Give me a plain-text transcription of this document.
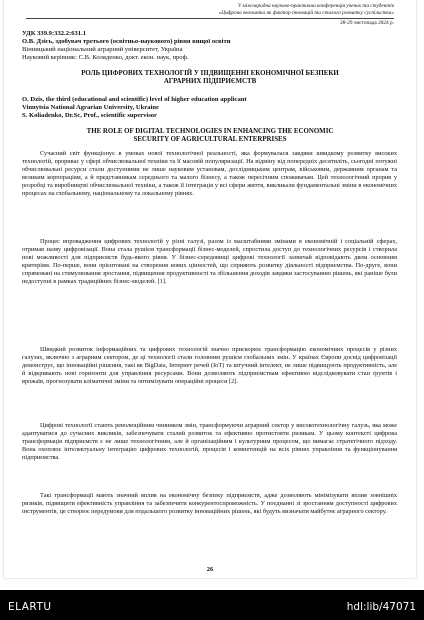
V міжнародна науково-практична конференція учених та студентів
«Цифрова економіка як фактор інновацій та сталого розвитку суспільства»
28-29 листопада 2024 р.
УДК 339.9:332.2:631.1
О.В. Дзісь, здобувач третього (освітньо-наукового) рівня вищої освіти
Вінницький національний аграрний університет, Україна
Науковий керівник: С.В. Колядeнко, докт. екон. наук, проф.
РОЛЬ ЦИФРОВИХ ТЕХНОЛОГІЙ У ПІДВИЩЕННІ ЕКОНОМІЧНОЇ БЕЗПЕКИ
АГРАРНИХ ПІДПРИЄМСТВ
O. Dzis, the third (educational and scientific) level of higher education applicant
Vinnytsia National Agrarian University, Ukraine
S. Koliadenko, Dr.Sc, Prof., scientific supervisor
THE ROLE OF DIGITAL TECHNOLOGIES IN ENHANCING THE ECONOMIC
SECURITY OF AGRICULTURAL ENTERPRISES
Сучасний світ функціонує в умовах нової технологічної реальності, яка формувалася завдяки швидкому розвитку високих технологій, прориває у сфері обчислювальної техніки та її масовій популяризації. На відміну від попередніх десятиліть, сьогодні потужні обчислювальні ресурси стали доступними не лише науковим установам, дослідницьким центрам, військовим, державним органам та великим корпораціям, а й представникам середнього та малого бізнесу, а також пересічним споживачам. Цей технологічний прорив у розробці та виробництві обчислювальної техніки, а також її інтеграція у всі сфери життя, викликали фундаментальні зміни в економічних процесах на глобальному, національному та локальному рівнях.
Процес впровадження цифрових технологій у різні галузі, разом із масштабними змінами в економічній і соціальній сферах, отримав назву цифровізації. Вона стала рушієм трансформації бізнес-моделей, спростила доступ до технологічних ресурсів і створила нові можливості для підприємств будь-якого рівня. У бізнес-середовищі цифрові технології зазвичай відповідають двом основним критеріям. По-перше, вони орієнтовані на створення нових цінностей, що сприяють розвитку діяльності підприємства. По-друге, вони спрямовані на стимулювання зростання, підвищення продуктивності та збільшення доходів завдяки застосуванню рішень, які раніше були недоступні в рамках традиційних бізнес-моделей. [1].
Швидкий розвиток інформаційних та цифрових технологій значно прискорює трансформацію економічних процесів у різних галузях, включно з аграрним сектором, де ці технології стали головним рушієм глобальних змін. У країнах Європи досвід цифровізації демонструє, що інноваційні рішення, такі як BigData, Інтернет речей (IoT) та штучний інтелект, не лише підвищують продуктивність, але й відкривають нові горизонти для управління ресурсами. Вони дозволяють підприємствам ефективно відслідковувати стан ґрунтів і врожаїв, прогнозувати кліматичні зміни та оптимізувати операційні процеси [2].
Цифрові технології стають революційним чинником змін, трансформуючи аграрний сектор у високотехнологічну галузь, яка може адаптуватися до сучасних викликів, забезпечувати сталий розвиток та ефективно протистояти ризикам. У цьому контексті цифрова трансформація підприємств є не лише технологічним, але й організаційним і культурним процесом, що вимагає стратегічного підходу. Вона охоплює інтелектуальну інтеграцію цифрових технологій, процесів і компетенцій на всіх рівнях управління та функціонування підприємства.
Такі трансформації мають значний вплив на економічну безпеку підприємств, адже дозволяють мінімізувати вплив зовнішніх ризиків, підвищити ефективність управління та забезпечити конкурентоспроможність. У поєднанні зі зростанням доступності цифрових інструментів, це створює передумови для подальшого розвитку інноваційних рішень, які будуть визначати майбутнє аграрного сектору.
26
ELARTU	hdl:lib/47071
